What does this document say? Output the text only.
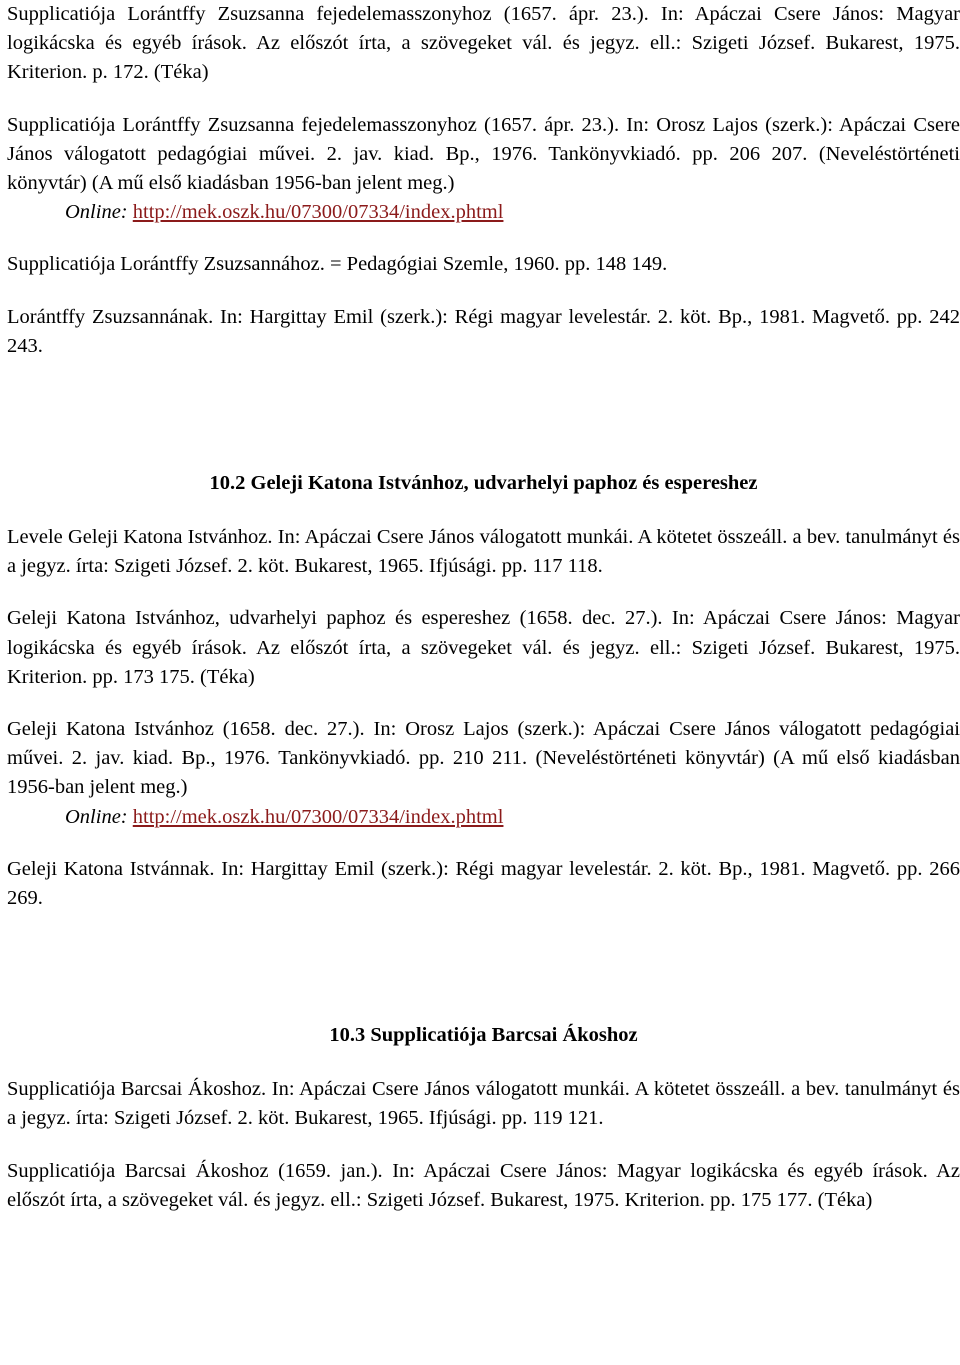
Supplicatiója Lorántffy Zsuzsanna fejedelemasszonyhoz (1657. ápr. 23.). In: Apáczai Csere János: Magyar logikácska és egyéb írások. Az előszót írta, a szövegeket vál. és jegyz. ell.: Szigeti József. Bukarest, 1975. Kriterion. p. 172. (Téka)

Supplicatiója Lorántffy Zsuzsanna fejedelemasszonyhoz (1657. ápr. 23.). In: Orosz Lajos (szerk.): Apáczai Csere János válogatott pedagógiai művei. 2. jav. kiad. Bp., 1976. Tankönyvkiadó. pp. 206 207. (Neveléstörténeti könyvtár) (A mű első kiadásban 1956-ban jelent meg.)

Online: http://mek.oszk.hu/07300/07334/index.phtml

Supplicatiója Lorántffy Zsuzsannához. = Pedagógiai Szemle, 1960. pp. 148 149.

Lorántffy Zsuzsannának. In: Hargittay Emil (szerk.): Régi magyar levelestár. 2. köt. Bp., 1981. Magvető. pp. 242 243.

10.2 Geleji Katona Istvánhoz, udvarhelyi paphoz és espereshez

Levele Geleji Katona Istvánhoz. In: Apáczai Csere János válogatott munkái. A kötetet összeáll. a bev. tanulmányt és a jegyz. írta: Szigeti József. 2. köt. Bukarest, 1965. Ifjúsági. pp. 117 118.

Geleji Katona Istvánhoz, udvarhelyi paphoz és espereshez (1658. dec. 27.). In: Apáczai Csere János: Magyar logikácska és egyéb írások. Az előszót írta, a szövegeket vál. és jegyz. ell.: Szigeti József. Bukarest, 1975. Kriterion. pp. 173 175. (Téka)

Geleji Katona Istvánhoz (1658. dec. 27.). In: Orosz Lajos (szerk.): Apáczai Csere János válogatott pedagógiai művei. 2. jav. kiad. Bp., 1976. Tankönyvkiadó. pp. 210 211. (Neveléstörténeti könyvtár) (A mű első kiadásban 1956-ban jelent meg.)

Online: http://mek.oszk.hu/07300/07334/index.phtml

Geleji Katona Istvánnak. In: Hargittay Emil (szerk.): Régi magyar levelestár. 2. köt. Bp., 1981. Magvető. pp. 266 269.

10.3 Supplicatiója Barcsai Ákoshoz

Supplicatiója Barcsai Ákoshoz. In: Apáczai Csere János válogatott munkái. A kötetet összeáll. a bev. tanulmányt és a jegyz. írta: Szigeti József. 2. köt. Bukarest, 1965. Ifjúsági. pp. 119 121.

Supplicatiója Barcsai Ákoshoz (1659. jan.). In: Apáczai Csere János: Magyar logikácska és egyéb írások. Az előszót írta, a szövegeket vál. és jegyz. ell.: Szigeti József. Bukarest, 1975. Kriterion. pp. 175 177. (Téka)
